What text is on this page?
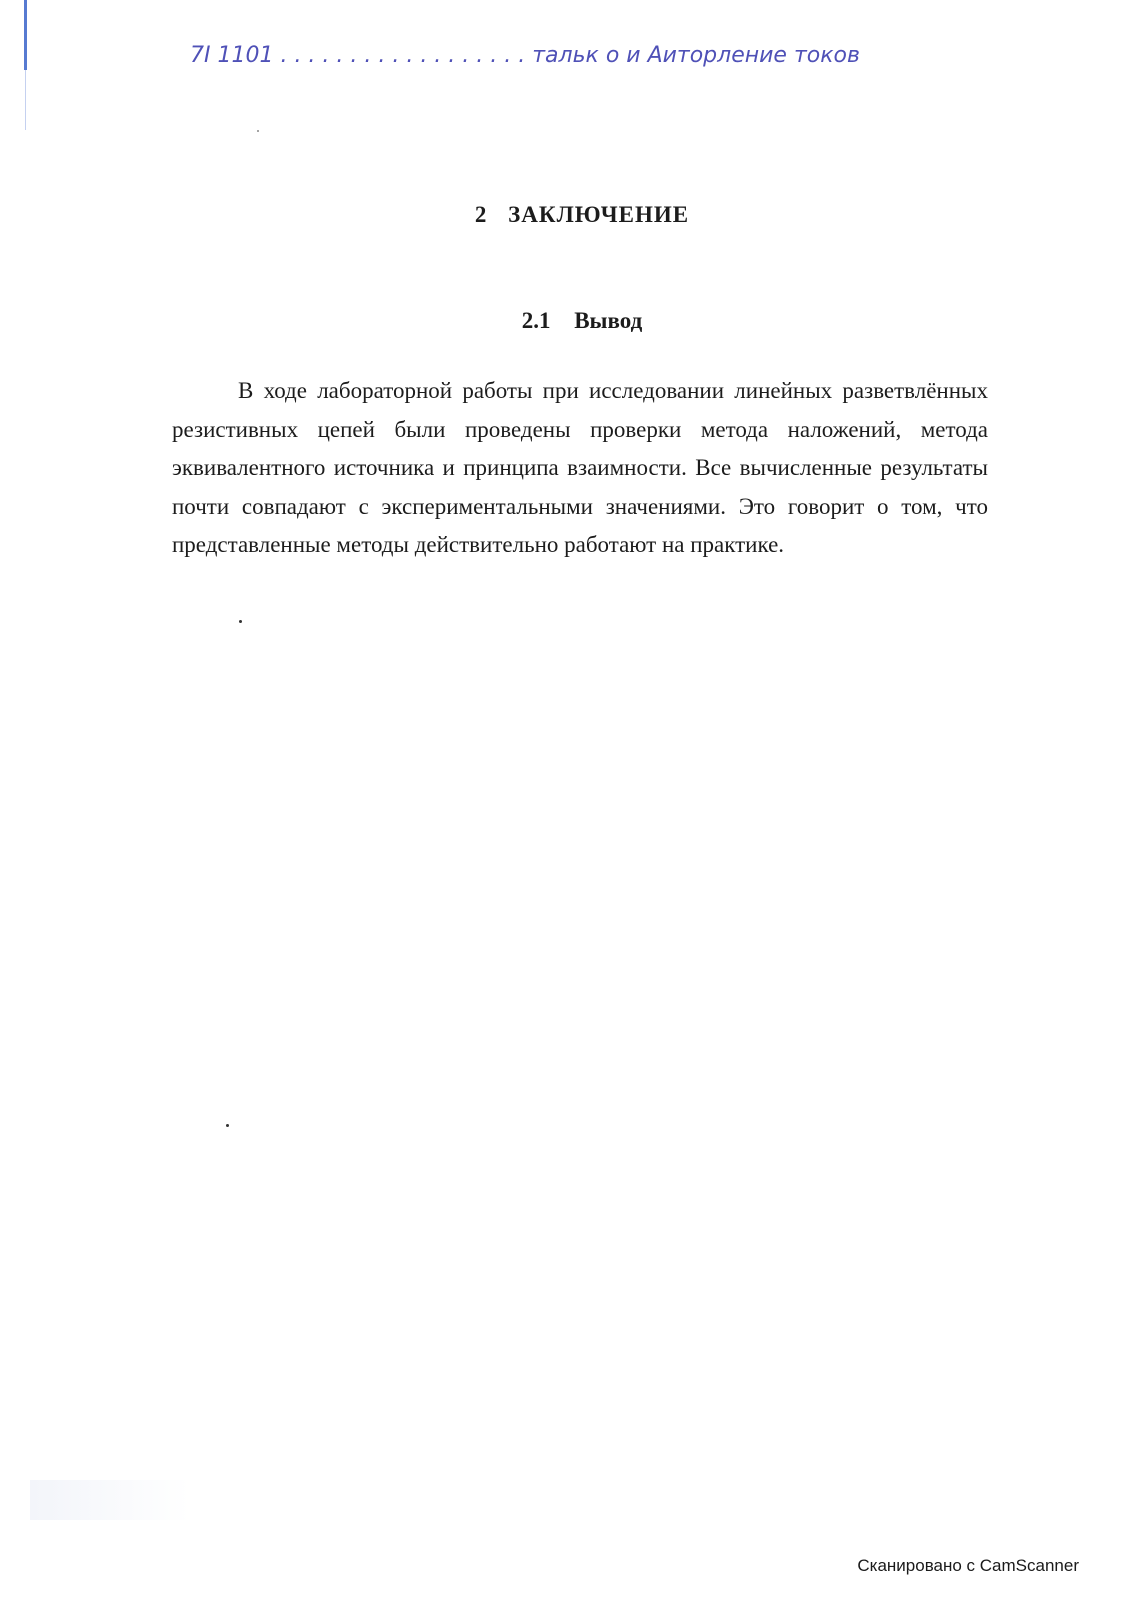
7I 1101 . . . . . . . . . . . . . . . . . . тальк о и Аиторление токов
2 ЗАКЛЮЧЕНИЕ
2.1 Вывод

В ходе лабораторной работы при исследовании линейных разветвлённых резистивных цепей были проведены проверки метода наложений, метода эквивалентного источника и принципа взаимности. Все вычисленные результаты почти совпадают с экспериментальными значениями. Это говорит о том, что представленные методы действительно работают на практике.

Сканировано с CamScanner
